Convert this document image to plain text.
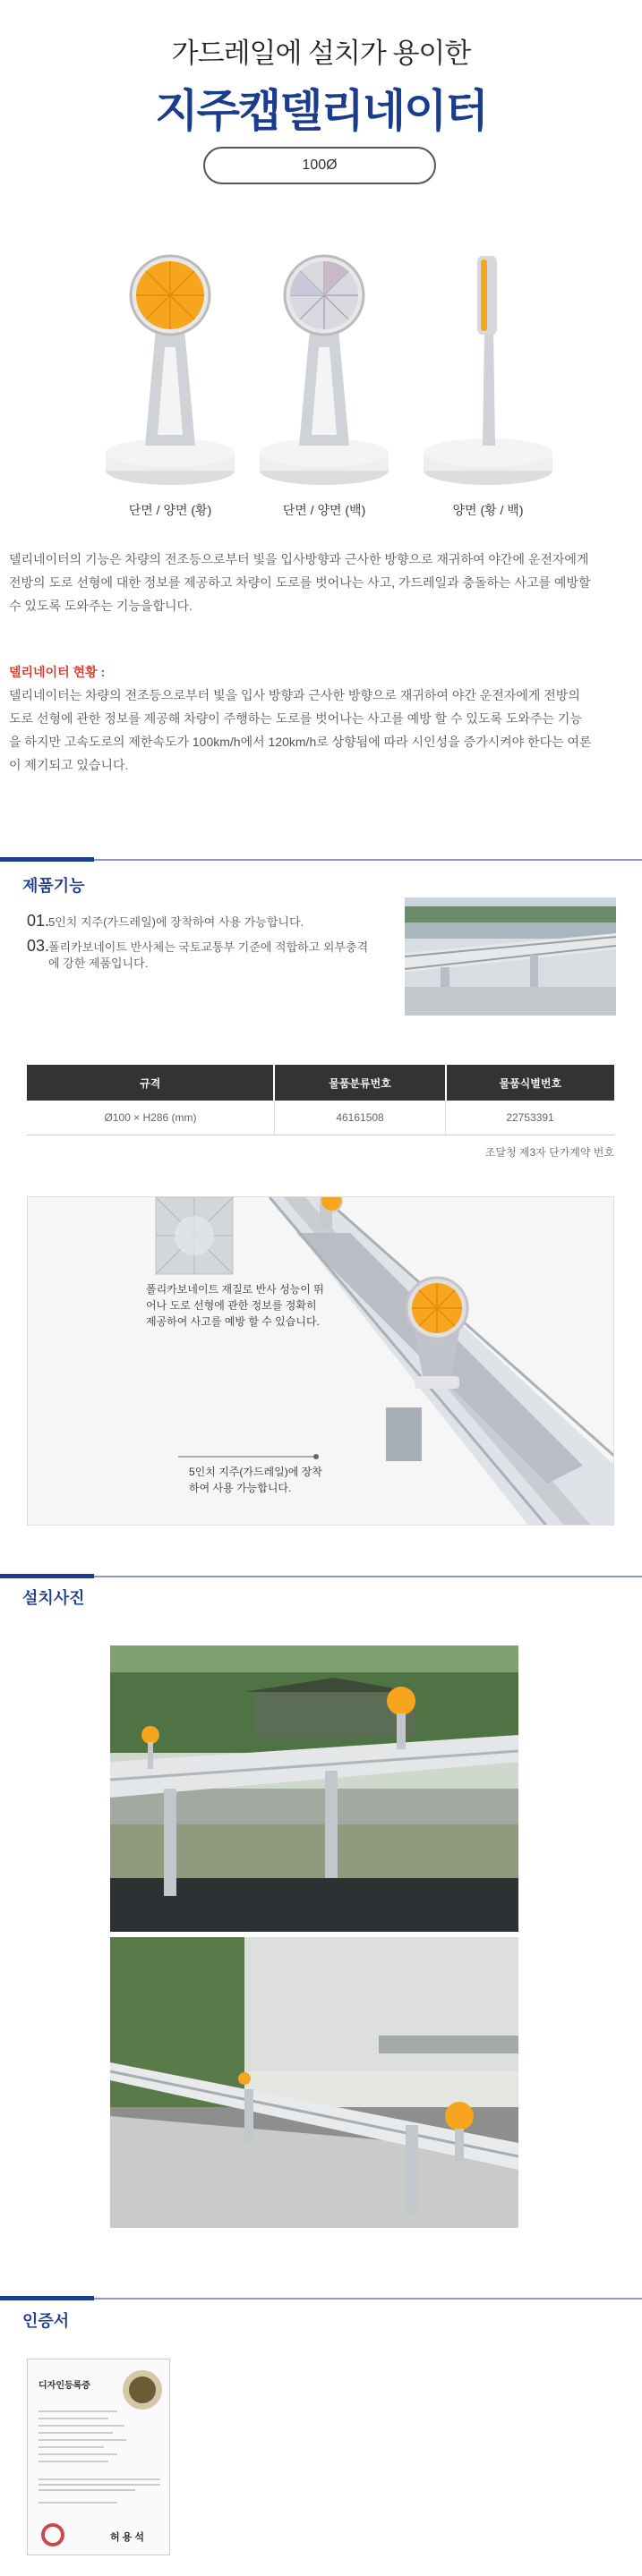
가드레일에 설치가 용이한
지주캡델리네이터
100Ø
단면 / 양면 (황)	단면 / 양면 (백)	양면 (황 / 백)
델리네이터의 기능은 차량의 전조등으로부터 빛을 입사방향과 근사한 방향으로 재귀하여 야간에 운전자에게
전방의 도로 선형에 대한 정보를 제공하고 차량이 도로를 벗어나는 사고, 가드레일과 충돌하는 사고를 예방할
수 있도록 도와주는 기능을합니다.
델리네이터 현황 :
델리네이터는 차량의 전조등으로부터 빛을 입사 방향과 근사한 방향으로 재귀하여 야간 운전자에게 전방의
도로 선형에 관한 정보를 제공해 차량이 주행하는 도로를 벗어나는 사고를 예방 할 수 있도록 도와주는 기능
을 하지만 고속도로의 제한속도가 100km/h에서 120km/h로 상향됨에 따라 시인성을 증가시켜야 한다는 여론
이 제기되고 있습니다.
제품기능
01.5인치 지주(가드레일)에 장착하여 사용 가능합니다.
03.폴리카보네이트 반사체는 국토교통부 기준에 적합하고 외부충격에 강한 제품입니다.
규격	물품분류번호	물품식별번호
Ø100 × H286 (mm)	46161508	22753391
조달청 제3자 단가계약 번호
폴리카보네이트 재질로 반사 성능이 뛰어나 도로 선형에 관한 정보를 정확히 제공하여 사고를 예방 할 수 있습니다.
5인치 지주(가드레일)에 장착하여 사용 가능합니다.
설치사진
인증서
디자인등록증
허 용 석
